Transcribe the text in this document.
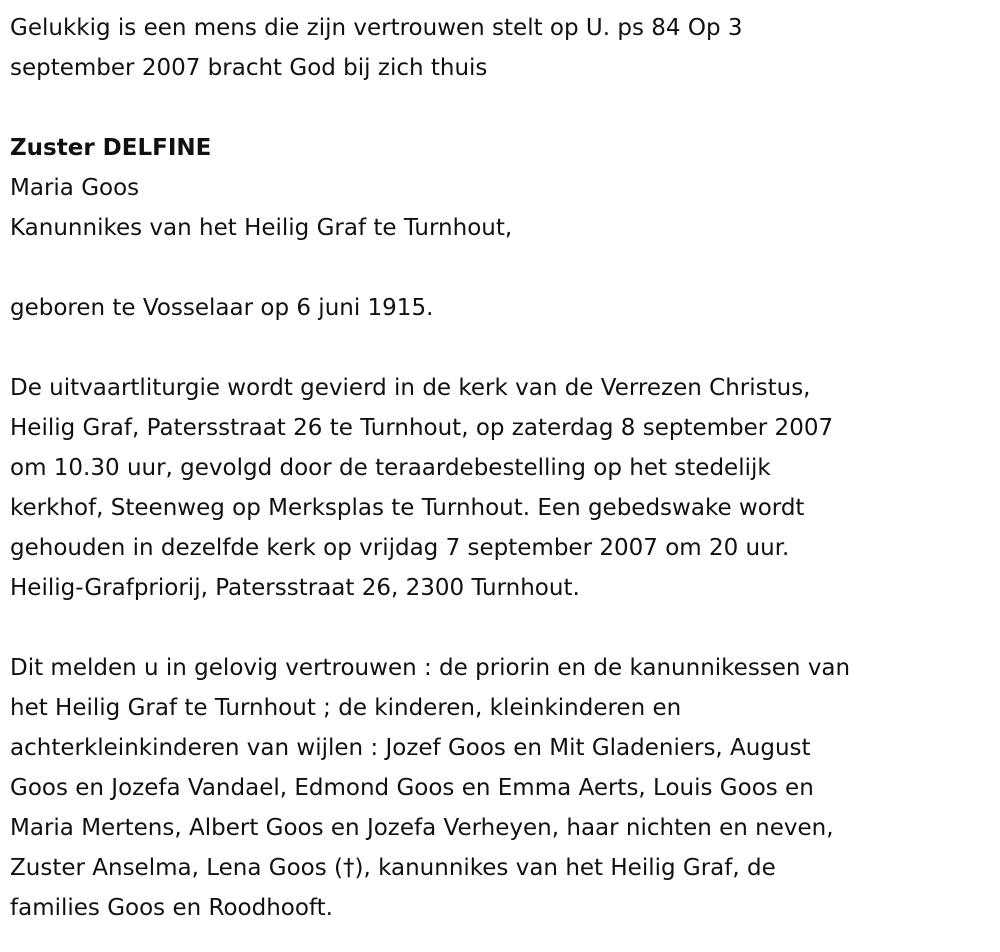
Gelukkig is een mens die zijn vertrouwen stelt op U. ps 84 Op 3
september 2007 bracht God bij zich thuis

Zuster DELFINE

Maria Goos

Kanunnikes van het Heilig Graf te Turnhout,

geboren te Vosselaar op 6 juni 1915.

De uitvaartliturgie wordt gevierd in de kerk van de Verrezen Christus,
Heilig Graf, Patersstraat 26 te Turnhout, op zaterdag 8 september 2007
om 10.30 uur, gevolgd door de teraardebestelling op het stedelijk
kerkhof, Steenweg op Merksplas te Turnhout. Een gebedswake wordt
gehouden in dezelfde kerk op vrijdag 7 september 2007 om 20 uur.
Heilig-Grafpriorij, Patersstraat 26, 2300 Turnhout.

Dit melden u in gelovig vertrouwen : de priorin en de kanunnikessen van
het Heilig Graf te Turnhout ; de kinderen, kleinkinderen en
achterkleinkinderen van wijlen : Jozef Goos en Mit Gladeniers, August
Goos en Jozefa Vandael, Edmond Goos en Emma Aerts, Louis Goos en
Maria Mertens, Albert Goos en Jozefa Verheyen, haar nichten en neven,
Zuster Anselma, Lena Goos (†), kanunnikes van het Heilig Graf, de
families Goos en Roodhooft.
